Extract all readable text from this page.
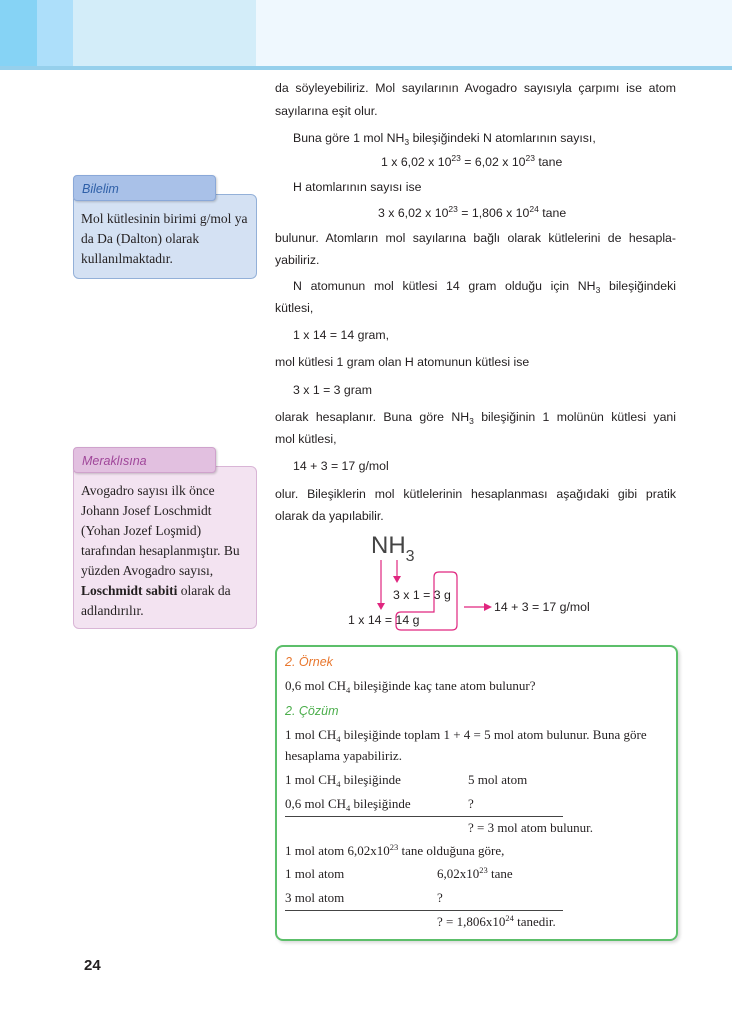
Bilelim
Mol kütlesinin birimi g/mol ya da Da (Dalton) olarak kullanılmaktadır.
Meraklısına
Avogadro sayısı ilk önce Johann Josef Loschmidt (Yohan Jozef Loşmid) tarafından hesaplanmıştır. Bu yüzden Avogadro sayısı, Loschmidt sabiti olarak da adlandırılır.
da söyleyebiliriz. Mol sayılarının Avogadro sayısıyla çarpımı ise atom
sayılarına eşit olur.
Buna göre 1 mol $NH_3$ bileşiğindeki N atomlarının sayısı,
1 x 6,02 x $10^{23} = 6,02$ x $10^{23}$ tane
H atomlarının sayısı ise
3 x 6,02 x $10^{23} = 1,806$ x $10^{24}$ tane
bulunur. Atomların mol sayılarına bağlı olarak kütlelerini de hesapla-
yabiliriz.
N atomunun mol kütlesi 14 gram olduğu için $NH_3$ bileşiğindeki
kütlesi,
1 x 14 = 14 gram,
mol kütlesi 1 gram olan H atomunun kütlesi ise
3 x 1 = 3 gram
olarak hesaplanır. Buna göre $NH_3$ bileşiğinin 1 molünün kütlesi yani
mol kütlesi,
14 + 3 = 17 g/mol
olur. Bileşiklerin mol kütlelerinin hesaplanması aşağıdaki gibi pratik
olarak da yapılabilir.
$NH_3$
3 x 1 = 3 g
1 x 14 = 14 g
14 + 3 = 17 g/mol
2. Örnek
0,6 mol $CH_4$ bileşiğinde kaç tane atom bulunur?
2. Çözüm
1 mol $CH_4$ bileşiğinde toplam 1 + 4 = 5 mol atom bulunur. Buna göre
hesaplama yapabiliriz.
1 mol $CH_4$ bileşiğinde	5 mol atom
0,6 mol $CH_4$ bileşiğinde	?
? = 3 mol atom bulunur.
1 mol atom $6,02x10^{23}$ tane olduğuna göre,
1 mol atom	$6,02x10^{23}$ tane
3 mol atom	?
? = $1,806x10^{24}$ tanedir.
24
